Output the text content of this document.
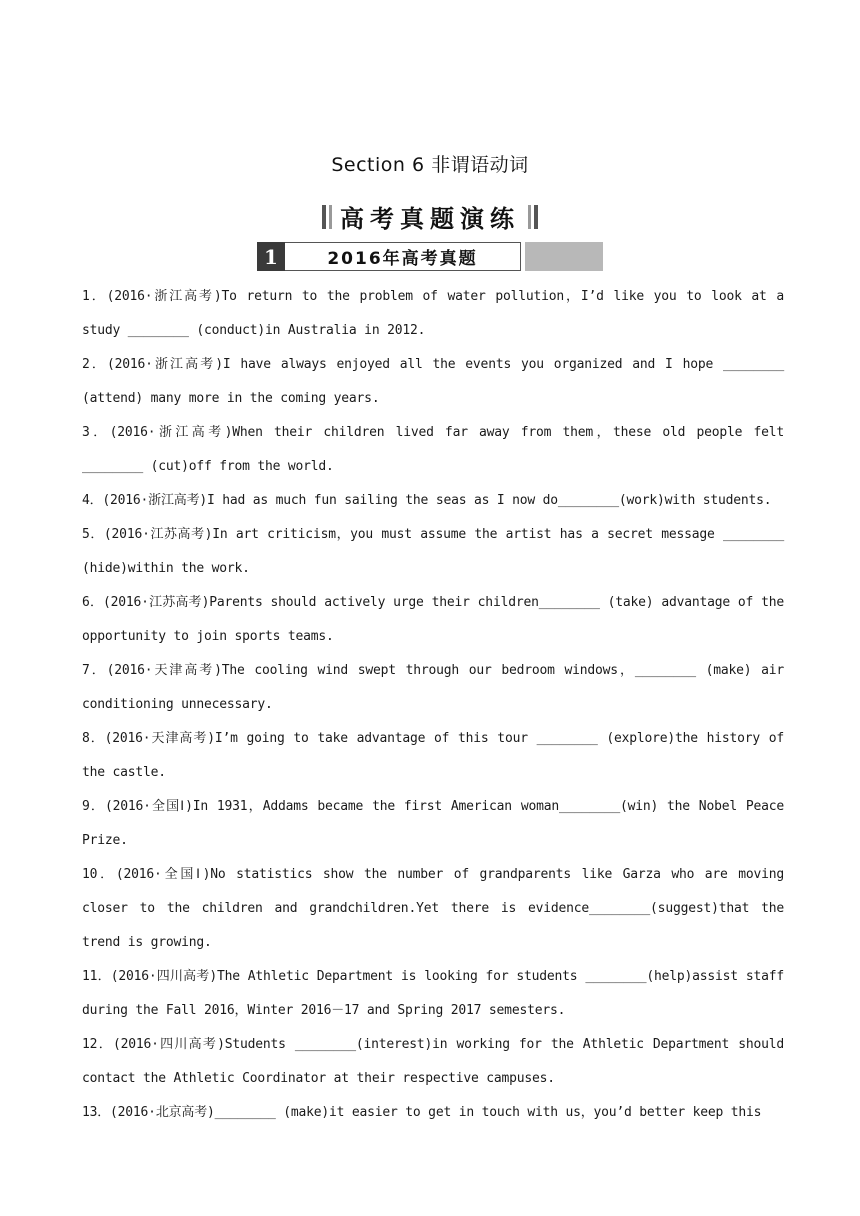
Section 6 非谓语动词
高考真题演练
1	2016年高考真题

1．(2016·浙江高考)To return to the problem of water pollution，I’d like you to look at a study ________ (conduct)in Australia in 2012.

2．(2016·浙江高考)I have always enjoyed all the events you organized and I hope ________ (attend) many more in the coming years.

3．(2016·浙江高考)When their children lived far away from them，these old people felt ________ (cut)off from the world.

4．(2016·浙江高考)I had as much fun sailing the seas as I now do________(work)with students.

5．(2016·江苏高考)In art criticism，you must assume the artist has a secret message ________ (hide)within the work.

6．(2016·江苏高考)Parents should actively urge their children________ (take) advantage of the opportunity to join sports teams.

7．(2016·天津高考)The cooling wind swept through our bedroom windows，________ (make) air conditioning unnecessary.

8．(2016·天津高考)I’m going to take advantage of this tour ________ (explore)the history of the castle.

9．(2016·全国Ⅰ)In 1931，Addams became the first American woman________(win) the Nobel Peace Prize.

10．(2016·全国Ⅰ)No statistics show the number of grandparents like Garza who are moving closer to the children and grandchildren.Yet there is evidence________(suggest)that the trend is growing.

11．(2016·四川高考)The Athletic Department is looking for students ________(help)assist staff during the Fall 2016，Winter 2016－17 and Spring 2017 semesters.

12．(2016·四川高考)Students ________(interest)in working for the Athletic Department should contact the Athletic Coordinator at their respective campuses.

13．(2016·北京高考)________ (make)it easier to get in touch with us，you’d better keep this
